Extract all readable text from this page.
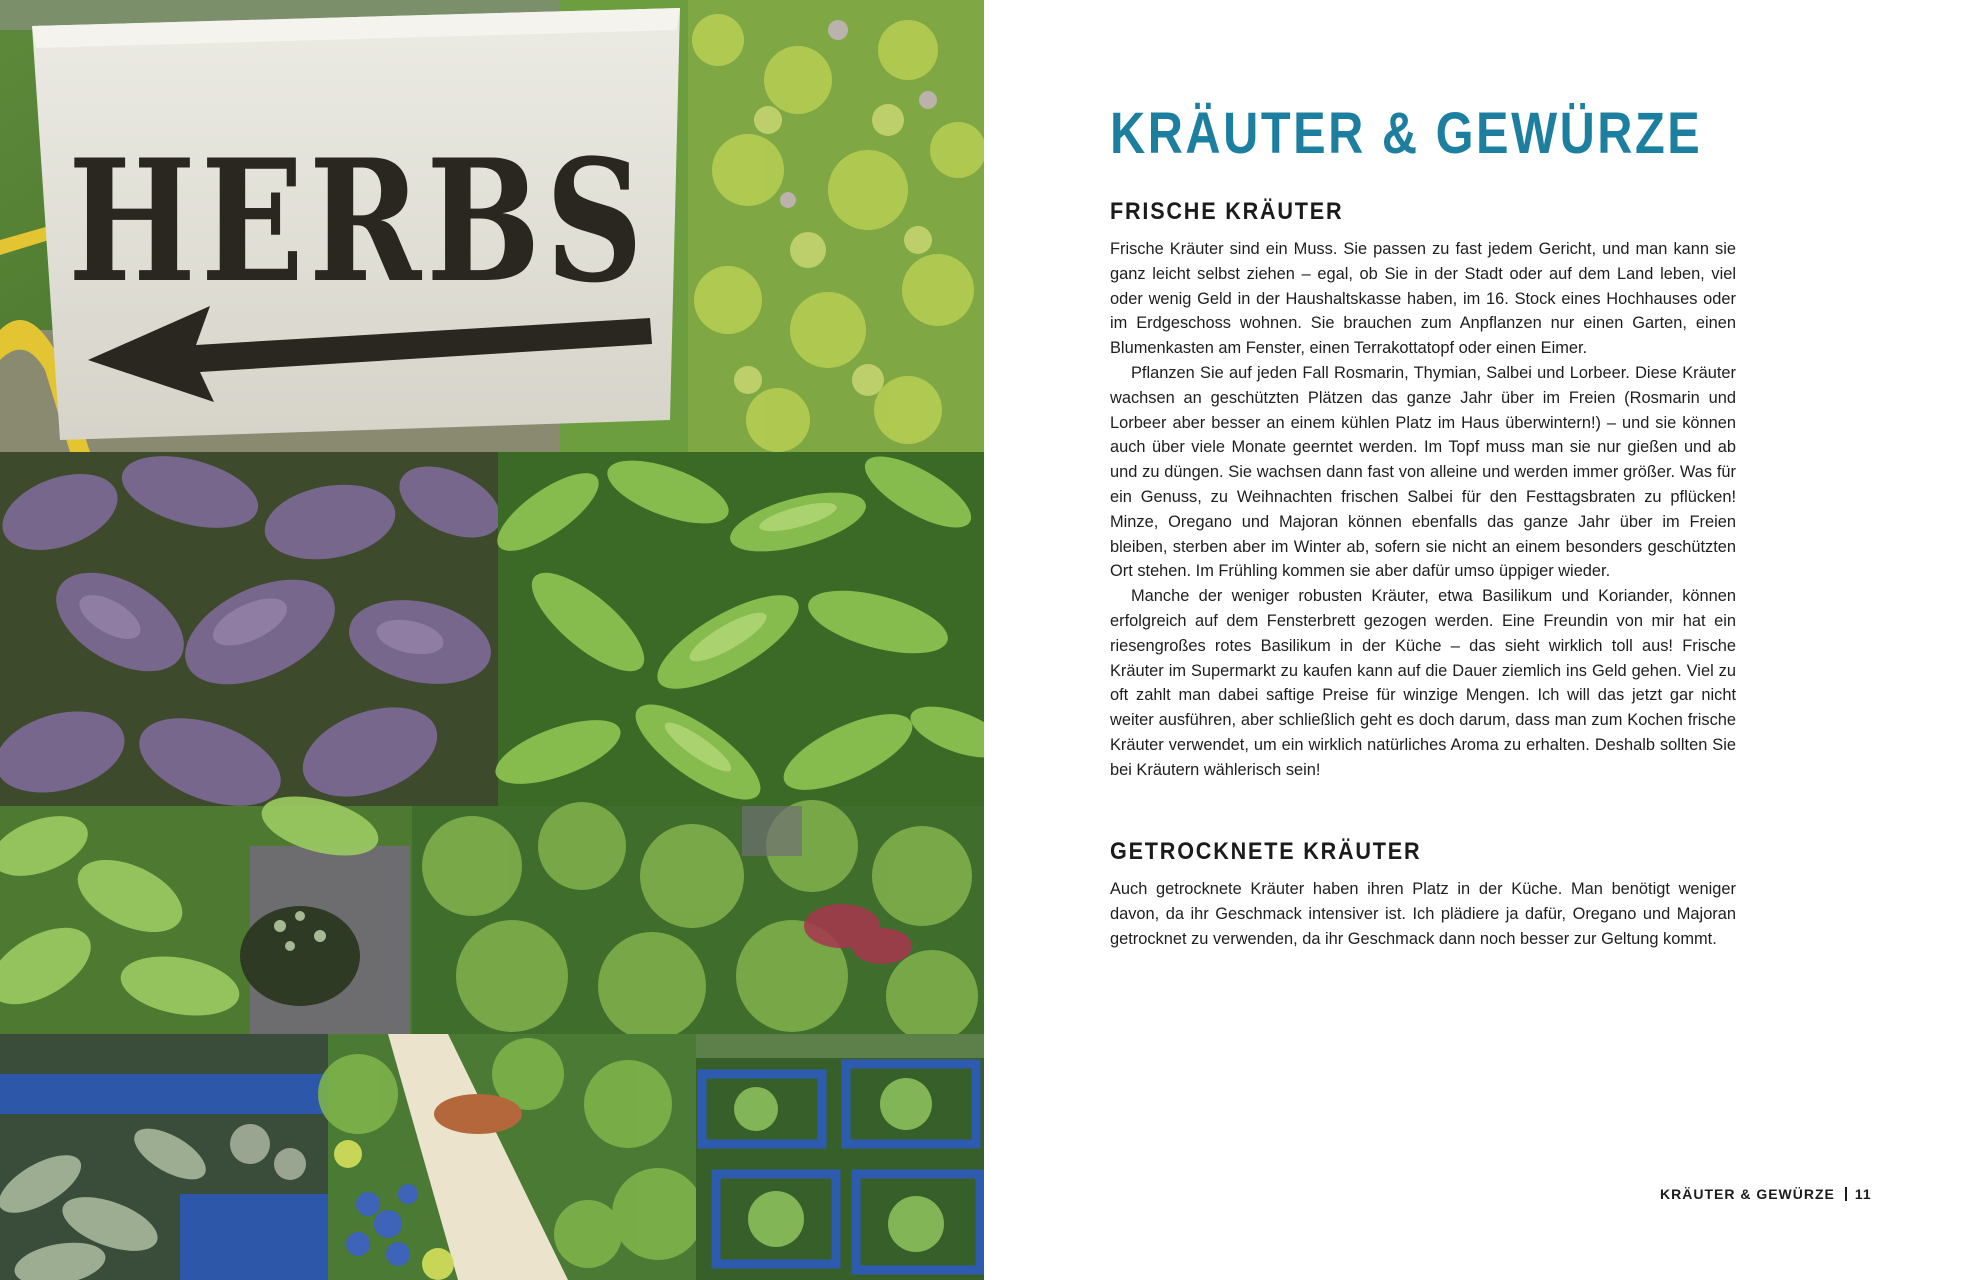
HERBS	KRÄUTER & GEWÜRZE
FRISCHE KRÄUTER

Frische Kräuter sind ein Muss. Sie passen zu fast jedem Gericht, und man kann sie ganz leicht selbst ziehen – egal, ob Sie in der Stadt oder auf dem Land leben, viel oder wenig Geld in der Haushaltskasse haben, im 16. Stock eines Hochhauses oder im Erdgeschoss wohnen. Sie brauchen zum Anpflanzen nur einen Garten, einen Blumenkasten am Fenster, einen Terrakottatopf oder einen Eimer.

Pflanzen Sie auf jeden Fall Rosmarin, Thymian, Salbei und Lorbeer. Diese Kräuter wachsen an geschützten Plätzen das ganze Jahr über im Freien (Rosmarin und Lorbeer aber besser an einem kühlen Platz im Haus überwintern!) – und sie können auch über viele Monate geerntet werden. Im Topf muss man sie nur gießen und ab und zu düngen. Sie wachsen dann fast von alleine und werden immer größer. Was für ein Genuss, zu Weihnachten frischen Salbei für den Festtagsbraten zu pflücken! Minze, Oregano und Majoran können ebenfalls das ganze Jahr über im Freien bleiben, sterben aber im Winter ab, sofern sie nicht an einem besonders geschützten Ort stehen. Im Frühling kommen sie aber dafür umso üppiger wieder.

Manche der weniger robusten Kräuter, etwa Basilikum und Koriander, können erfolgreich auf dem Fensterbrett gezogen werden. Eine Freundin von mir hat ein riesengroßes rotes Basilikum in der Küche – das sieht wirklich toll aus! Frische Kräuter im Supermarkt zu kaufen kann auf die Dauer ziemlich ins Geld gehen. Viel zu oft zahlt man dabei saftige Preise für winzige Mengen. Ich will das jetzt gar nicht weiter ausführen, aber schließlich geht es doch darum, dass man zum Kochen frische Kräuter verwendet, um ein wirklich natürliches Aroma zu erhalten. Deshalb sollten Sie bei Kräutern wählerisch sein!

GETROCKNETE KRÄUTER

Auch getrocknete Kräuter haben ihren Platz in der Küche. Man benötigt weniger davon, da ihr Geschmack intensiver ist. Ich plädiere ja dafür, Oregano und Majoran getrocknet zu verwenden, da ihr Geschmack dann noch besser zur Geltung kommt.

KRÄUTER & GEWÜRZE 11
